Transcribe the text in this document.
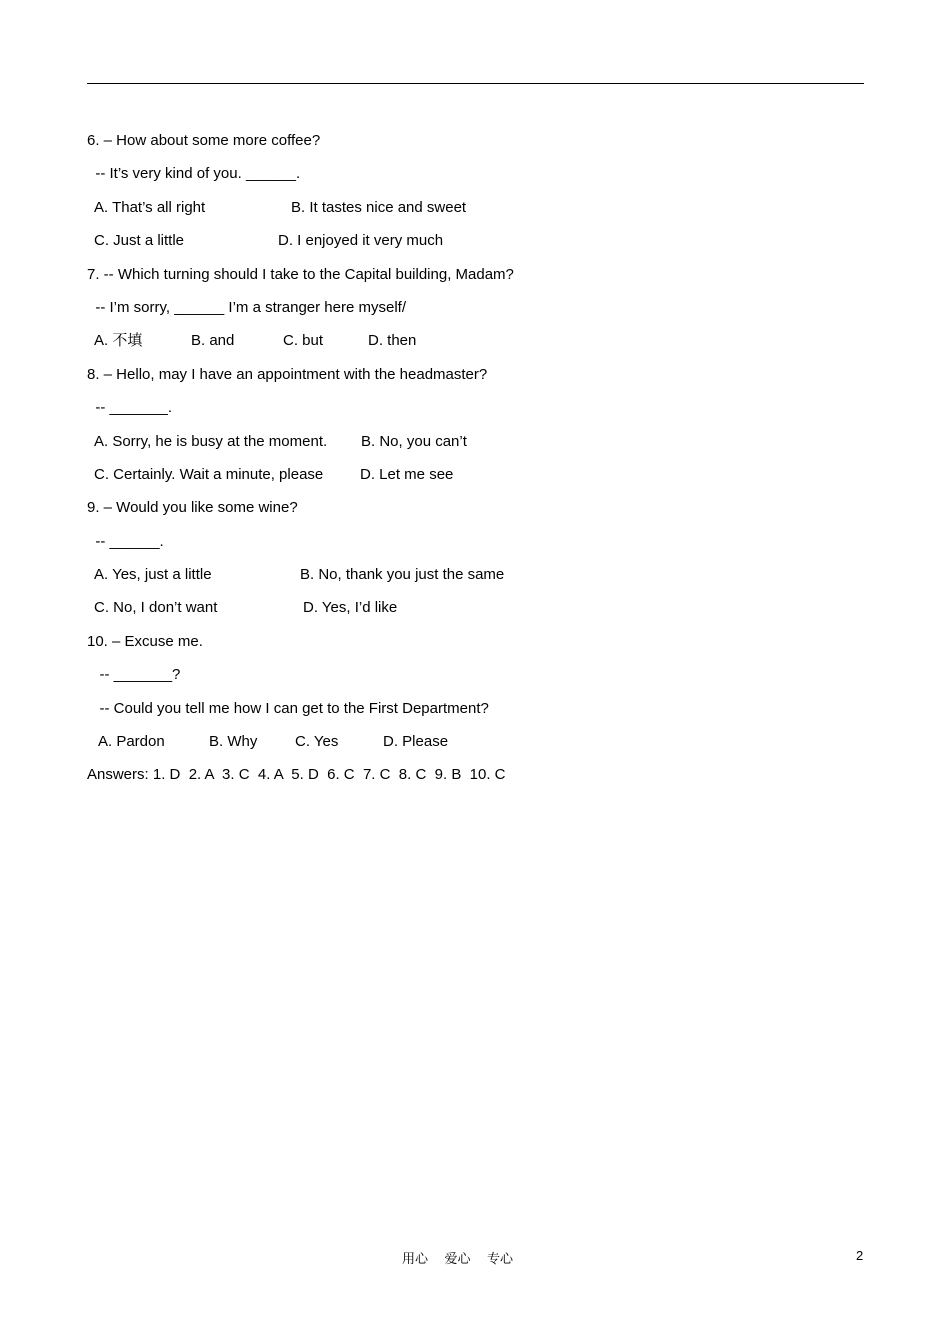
6. – How about some more coffee?
-- It’s very kind of you. ______.
A. That’s all right	B. It tastes nice and sweet
C. Just a little	D. I enjoyed it very much
7. -- Which turning should I take to the Capital building, Madam?
-- I’m sorry, ______ I’m a stranger here myself/
A. 不填	B. and	C. but	D. then
8. – Hello, may I have an appointment with the headmaster?
-- _______.
A. Sorry, he is busy at the moment. B. No, you can’t
C. Certainly. Wait a minute, please D. Let me see
9. – Would you like some wine?
-- ______.
A. Yes, just a little	B. No, thank you just the same
C. No, I don’t want	D. Yes, I’d like
10. – Excuse me.
-- _______?
-- Could you tell me how I can get to the First Department?
A. Pardon	B. Why	C. Yes	D. Please
Answers: 1. D  2. A  3. C  4. A  5. D  6. C  7. C  8. C  9. B  10. C
用心    爱心    专心	2
